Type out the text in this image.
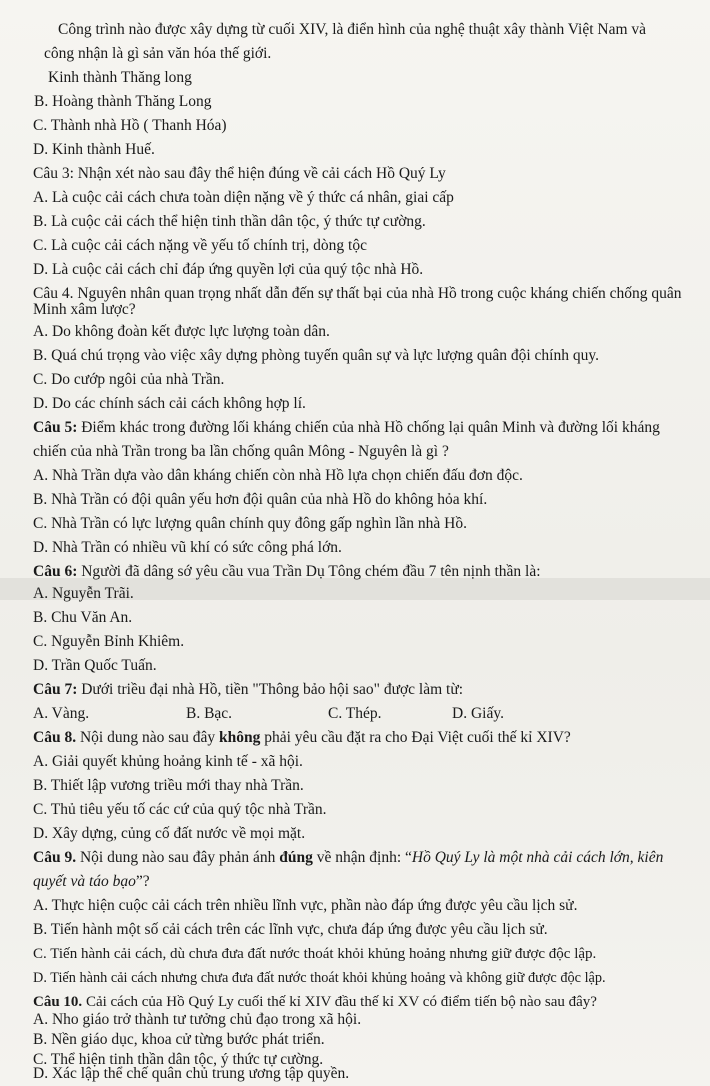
Công trình nào được xây dựng từ cuối XIV, là điển hình của nghệ thuật xây thành Việt Nam và
công nhận là gì sản văn hóa thế giới.
Kinh thành Thăng long
B. Hoàng thành Thăng Long
C. Thành nhà Hồ ( Thanh Hóa)
D. Kinh thành Huế.
Câu 3: Nhận xét nào sau đây thể hiện đúng về cải cách Hồ Quý Ly
A. Là cuộc cải cách chưa toàn diện nặng về ý thức cá nhân, giai cấp
B. Là cuộc cải cách thể hiện tinh thần dân tộc, ý thức tự cường.
C. Là cuộc cải cách nặng về yếu tố chính trị, dòng tộc
D. Là cuộc cải cách chỉ đáp ứng quyền lợi của quý tộc nhà Hồ.
Câu 4. Nguyên nhân quan trọng nhất dẫn đến sự thất bại của nhà Hồ trong cuộc kháng chiến chống quân
Minh xâm lược?
A. Do không đoàn kết được lực lượng toàn dân.
B. Quá chú trọng vào việc xây dựng phòng tuyến quân sự và lực lượng quân đội chính quy.
C. Do cướp ngôi của nhà Trần.
D. Do các chính sách cải cách không hợp lí.
Câu 5: Điểm khác trong đường lối kháng chiến của nhà Hồ chống lại quân Minh và đường lối kháng
chiến của nhà Trần trong ba lần chống quân Mông - Nguyên là gì ?
A. Nhà Trần dựa vào dân kháng chiến còn nhà Hồ lựa chọn chiến đấu đơn độc.
B. Nhà Trần có đội quân yếu hơn đội quân của nhà Hồ do không hỏa khí.
C. Nhà Trần có lực lượng quân chính quy đông gấp nghìn lần nhà Hồ.
D. Nhà Trần có nhiều vũ khí có sức công phá lớn.
Câu 6: Người đã dâng sớ yêu cầu vua Trần Dụ Tông chém đầu 7 tên nịnh thần là:
A. Nguyễn Trãi.
B. Chu Văn An.
C. Nguyễn Bỉnh Khiêm.
D. Trần Quốc Tuấn.
Câu 7: Dưới triều đại nhà Hồ, tiền "Thông bảo hội sao" được làm từ:
A. Vàng.	B. Bạc.	C. Thép.	D. Giấy.
Câu 8. Nội dung nào sau đây không phải yêu cầu đặt ra cho Đại Việt cuối thế kỉ XIV?
A. Giải quyết khủng hoảng kinh tế - xã hội.
B. Thiết lập vương triều mới thay nhà Trần.
C. Thủ tiêu yếu tố các cứ của quý tộc nhà Trần.
D. Xây dựng, củng cố đất nước về mọi mặt.
Câu 9. Nội dung nào sau đây phản ánh đúng về nhận định: “Hồ Quý Ly là một nhà cải cách lớn, kiên
quyết và táo bạo”?
A. Thực hiện cuộc cải cách trên nhiều lĩnh vực, phần nào đáp ứng được yêu cầu lịch sử.
B. Tiến hành một số cải cách trên các lĩnh vực, chưa đáp ứng được yêu cầu lịch sử.
C. Tiến hành cải cách, dù chưa đưa đất nước thoát khỏi khủng hoảng nhưng giữ được độc lập.
D. Tiến hành cải cách nhưng chưa đưa đất nước thoát khỏi khủng hoảng và không giữ được độc lập.
Câu 10. Cải cách của Hồ Quý Ly cuối thế kỉ XIV đầu thế kỉ XV có điểm tiến bộ nào sau đây?
A. Nho giáo trở thành tư tưởng chủ đạo trong xã hội.
B. Nền giáo dục, khoa cử từng bước phát triển.
C. Thể hiện tinh thần dân tộc, ý thức tự cường.
D. Xác lập thể chế quân chủ trung ương tập quyền.
